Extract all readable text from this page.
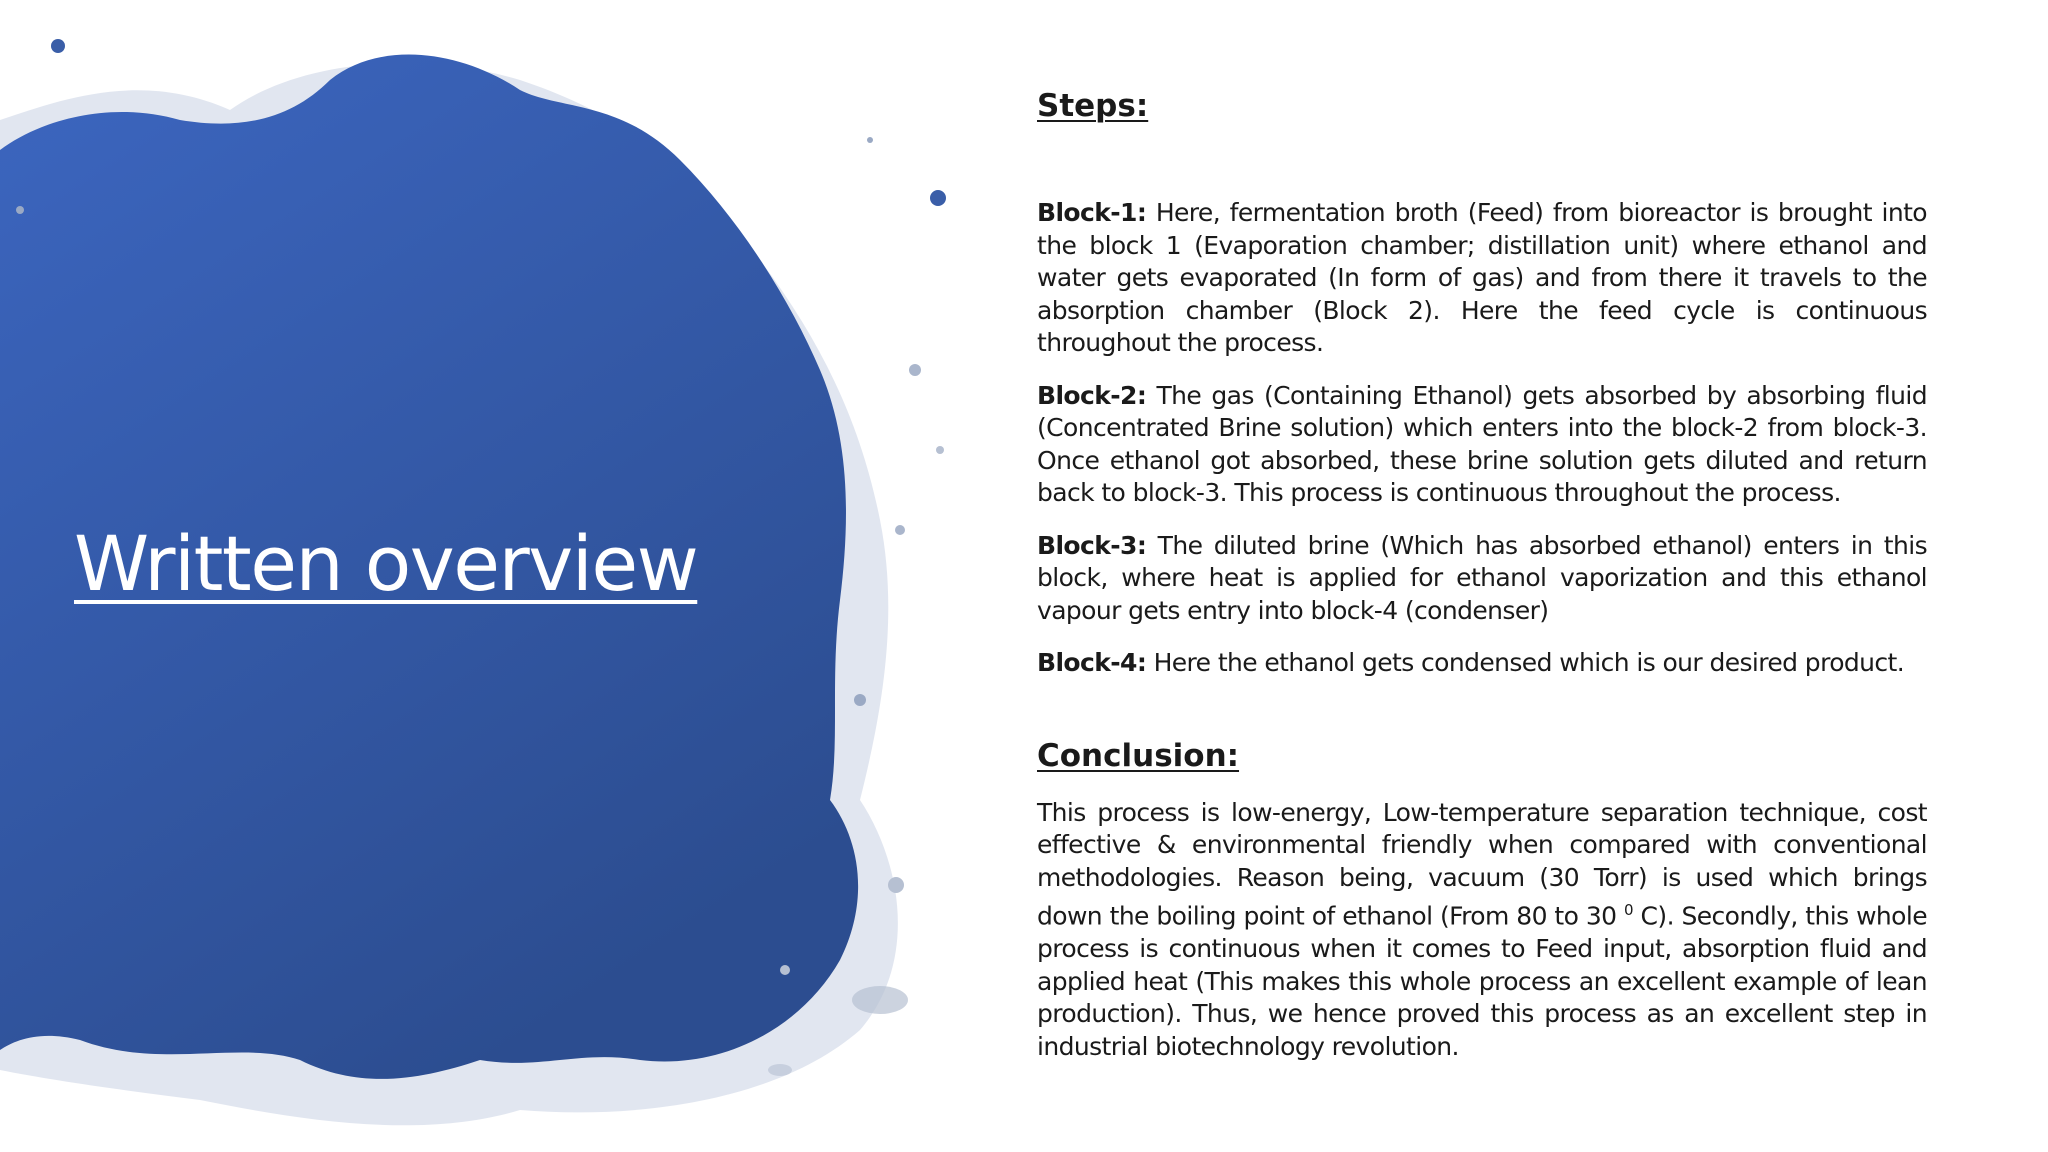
Written overview
Steps:

Block-1: Here, fermentation broth (Feed) from bioreactor is brought into the block 1 (Evaporation chamber; distillation unit) where ethanol and water gets evaporated (In form of gas) and from there it travels to the absorption chamber (Block 2). Here the feed cycle is continuous throughout the process.

Block-2: The gas (Containing Ethanol) gets absorbed by absorbing fluid (Concentrated Brine solution) which enters into the block-2 from block-3. Once ethanol got absorbed, these brine solution gets diluted and return back to block-3. This process is continuous throughout the process.

Block-3: The diluted brine (Which has absorbed ethanol) enters in this block, where heat is applied for ethanol vaporization and this ethanol vapour gets entry into block-4 (condenser)

Block-4: Here the ethanol gets condensed which is our desired product.

Conclusion:

This process is low-energy, Low-temperature separation technique, cost effective & environmental friendly when compared with conventional methodologies. Reason being, vacuum (30 Torr) is used which brings down the boiling point of ethanol (From 80 to 30 $^0$ C). Secondly, this whole process is continuous when it comes to Feed input, absorption fluid and applied heat (This makes this whole process an excellent example of lean production). Thus, we hence proved this process as an excellent step in industrial biotechnology revolution.
